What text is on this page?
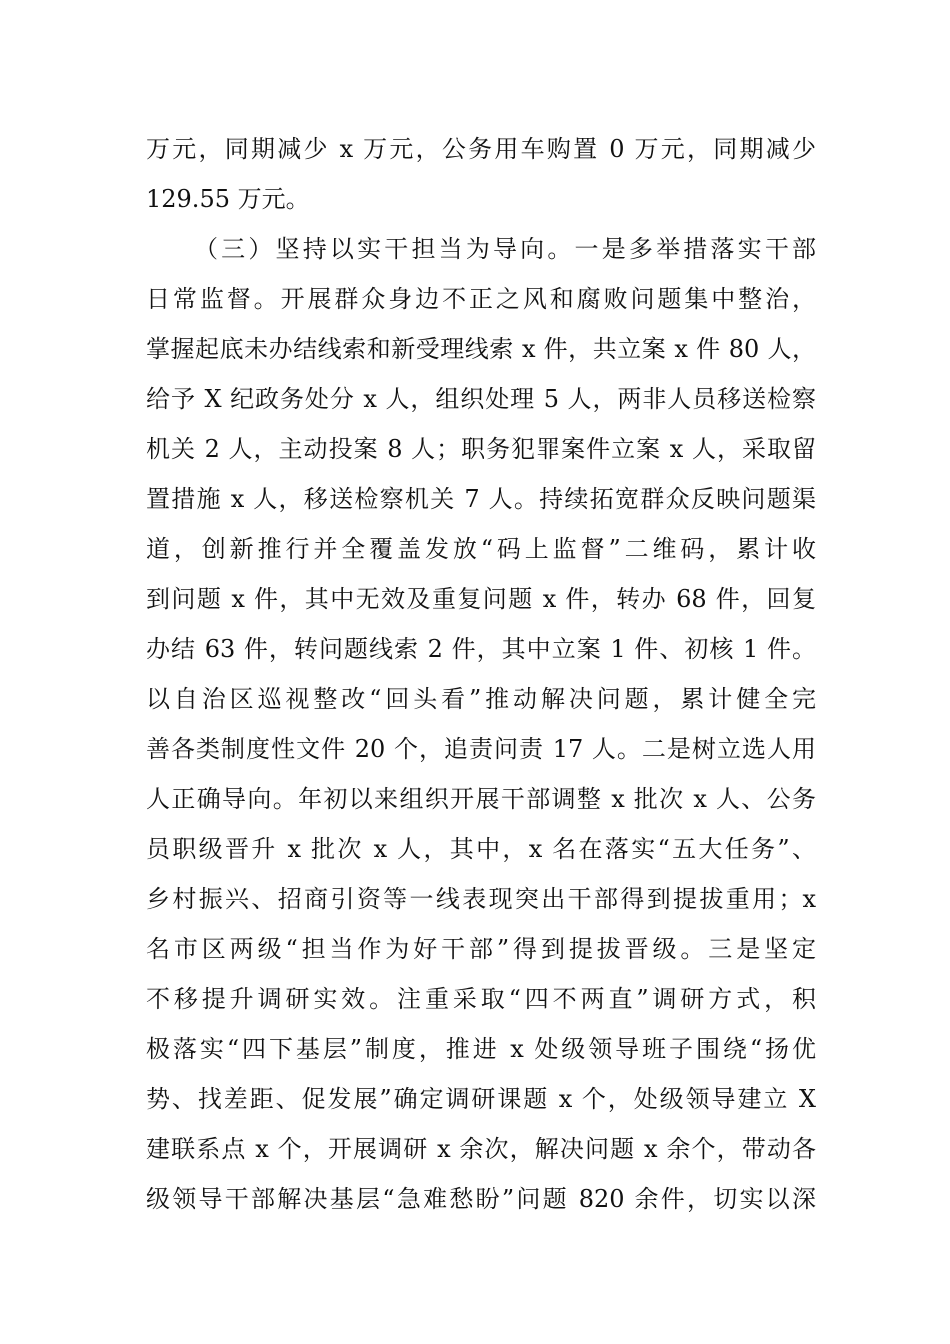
万元，同期减少 x 万元，公务用车购置 0 万元，同期减少
129.55 万元。
（三）坚持以实干担当为导向。一是多举措落实干部
日常监督。开展群众身边不正之风和腐败问题集中整治，
掌握起底未办结线索和新受理线索 x 件，共立案 x 件 80 人，
给予 X 纪政务处分 x 人，组织处理 5 人，两非人员移送检察
机关 2 人，主动投案 8 人；职务犯罪案件立案 x 人，采取留
置措施 x 人，移送检察机关 7 人。持续拓宽群众反映问题渠
道，创新推行并全覆盖发放“码上监督”二维码，累计收
到问题 x 件，其中无效及重复问题 x 件，转办 68 件，回复
办结 63 件，转问题线索 2 件，其中立案 1 件、初核 1 件。
以自治区巡视整改“回头看”推动解决问题，累计健全完
善各类制度性文件 20 个，追责问责 17 人。二是树立选人用
人正确导向。年初以来组织开展干部调整 x 批次 x 人、公务
员职级晋升 x 批次 x 人，其中，x 名在落实“五大任务”、
乡村振兴、招商引资等一线表现突出干部得到提拔重用；x
名市区两级“担当作为好干部”得到提拔晋级。三是坚定
不移提升调研实效。注重采取“四不两直”调研方式，积
极落实“四下基层”制度，推进 x 处级领导班子围绕“扬优
势、找差距、促发展”确定调研课题 x 个，处级领导建立 X
建联系点 x 个，开展调研 x 余次，解决问题 x 余个，带动各
级领导干部解决基层“急难愁盼”问题 820 余件，切实以深
